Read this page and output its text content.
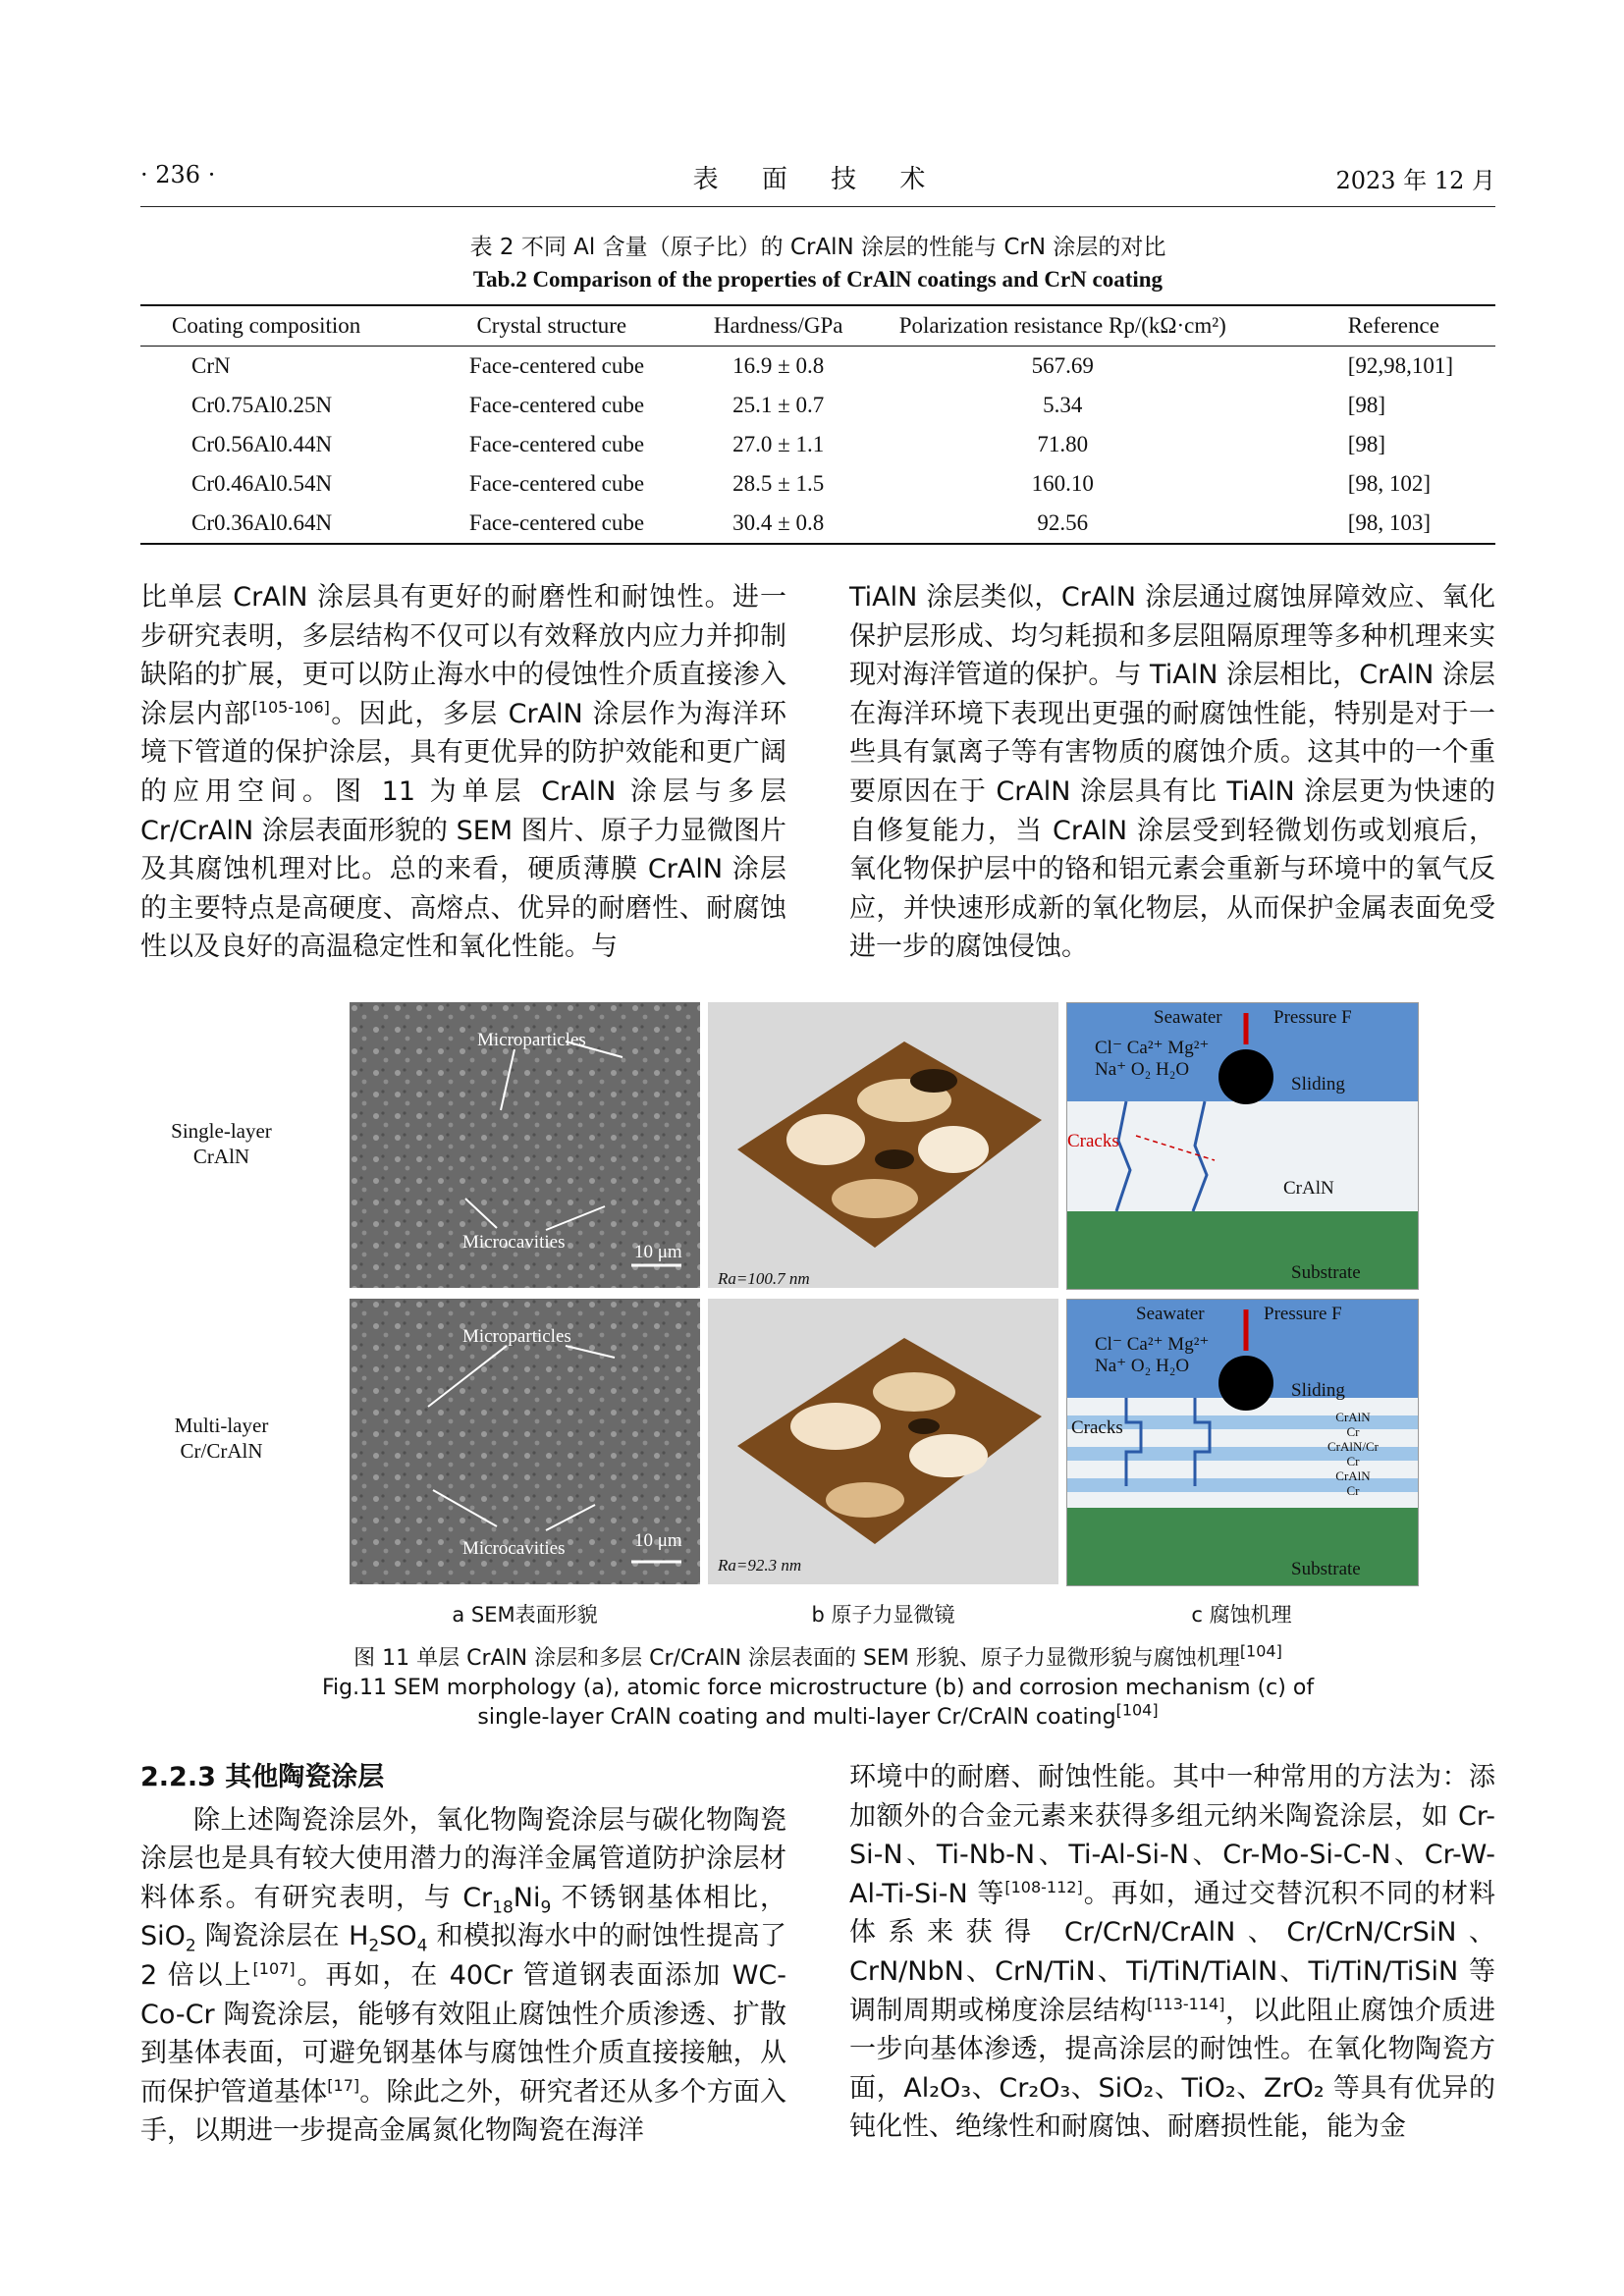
· 236 ·	表 面 技 术	2023 年 12 月
表 2 不同 Al 含量（原子比）的 CrAlN 涂层的性能与 CrN 涂层的对比
Tab.2 Comparison of the properties of CrAlN coatings and CrN coating
Coating composition	Crystal structure	Hardness/GPa	Polarization resistance Rp/(kΩ·cm²)	Reference
CrN	Face-centered cube	16.9 ± 0.8	567.69	[92,98,101]
Cr0.75Al0.25N	Face-centered cube	25.1 ± 0.7	5.34	[98]
Cr0.56Al0.44N	Face-centered cube	27.0 ± 1.1	71.80	[98]
Cr0.46Al0.54N	Face-centered cube	28.5 ± 1.5	160.10	[98, 102]
Cr0.36Al0.64N	Face-centered cube	30.4 ± 0.8	92.56	[98, 103]

比单层 CrAlN 涂层具有更好的耐磨性和耐蚀性。进一步研究表明，多层结构不仅可以有效释放内应力并抑制缺陷的扩展，更可以防止海水中的侵蚀性介质直接渗入涂层内部[105-106]。因此，多层 CrAlN 涂层作为海洋环境下管道的保护涂层，具有更优异的防护效能和更广阔的应用空间。图 11 为单层 CrAlN 涂层与多层 Cr/CrAlN 涂层表面形貌的 SEM 图片、原子力显微图片及其腐蚀机理对比。总的来看，硬质薄膜 CrAlN 涂层的主要特点是高硬度、高熔点、优异的耐磨性、耐腐蚀性以及良好的高温稳定性和氧化性能。与

TiAlN 涂层类似，CrAlN 涂层通过腐蚀屏障效应、氧化保护层形成、均匀耗损和多层阻隔原理等多种机理来实现对海洋管道的保护。与 TiAlN 涂层相比，CrAlN 涂层在海洋环境下表现出更强的耐腐蚀性能，特别是对于一些具有氯离子等有害物质的腐蚀介质。这其中的一个重要原因在于 CrAlN 涂层具有比 TiAlN 涂层更为快速的自修复能力，当 CrAlN 涂层受到轻微划伤或划痕后，氧化物保护层中的铬和铝元素会重新与环境中的氧气反应，并快速形成新的氧化物层，从而保护金属表面免受进一步的腐蚀侵蚀。

Single-layer CrAlN
Multi-layer Cr/CrAlN
Microparticles
Microcavities	10 μm
Microparticles
Microcavities	10 μm
Ra=100.7 nm
Ra=92.3 nm
Seawater	Pressure F
Cl⁻ Ca²⁺ Mg²⁺
Na⁺ O₂ H₂O
Sliding
Cracks
CrAlN
Substrate
Seawater	Pressure F
Cl⁻ Ca²⁺ Mg²⁺
Na⁺ O₂ H₂O
Sliding
Cracks
CrAlN
Cr
CrAlN/Cr
Cr
CrAlN
Cr
Substrate
a SEM表面形貌	b 原子力显微镜	c 腐蚀机理
图 11 单层 CrAlN 涂层和多层 Cr/CrAlN 涂层表面的 SEM 形貌、原子力显微形貌与腐蚀机理[104]
Fig.11 SEM morphology (a), atomic force microstructure (b) and corrosion mechanism (c) of
single-layer CrAlN coating and multi-layer Cr/CrAlN coating[104]
2.2.3 其他陶瓷涂层

除上述陶瓷涂层外，氧化物陶瓷涂层与碳化物陶瓷涂层也是具有较大使用潜力的海洋金属管道防护涂层材料体系。有研究表明，与 $Cr_{18}Ni_9$ 不锈钢基体相比，SiO$_2$ 陶瓷涂层在 $H_2SO_4$ 和模拟海水中的耐蚀性提高了 2 倍以上[107]。再如，在 40Cr 管道钢表面添加 WC-Co-Cr 陶瓷涂层，能够有效阻止腐蚀性介质渗透、扩散到基体表面，可避免钢基体与腐蚀性介质直接接触，从而保护管道基体[17]。除此之外，研究者还从多个方面入手，以期进一步提高金属氮化物陶瓷在海洋

环境中的耐磨、耐蚀性能。其中一种常用的方法为：添加额外的合金元素来获得多组元纳米陶瓷涂层，如 Cr-Si-N、Ti-Nb-N、Ti-Al-Si-N、Cr-Mo-Si-C-N、Cr-W-Al-Ti-Si-N 等[108-112]。再如，通过交替沉积不同的材料体系来获得 Cr/CrN/CrAlN、Cr/CrN/CrSiN、CrN/NbN、CrN/TiN、Ti/TiN/TiAlN、Ti/TiN/TiSiN 等调制周期或梯度涂层结构[113-114]，以此阻止腐蚀介质进一步向基体渗透，提高涂层的耐蚀性。在氧化物陶瓷方面，Al₂O₃、Cr₂O₃、SiO₂、TiO₂、ZrO₂ 等具有优异的钝化性、绝缘性和耐腐蚀、耐磨损性能，能为金
